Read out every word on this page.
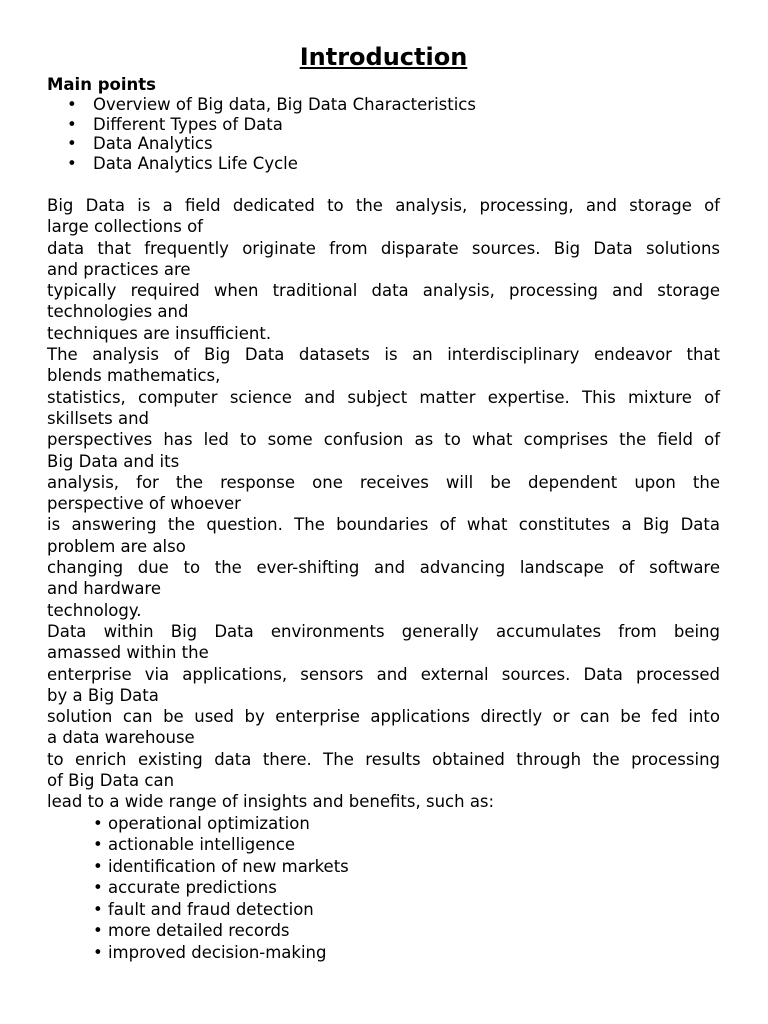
Introduction
Main points
• Overview of Big data, Big Data Characteristics
• Different Types of Data
• Data Analytics
• Data Analytics Life Cycle
Big Data is a field dedicated to the analysis, processing, and storage of
large collections of
data that frequently originate from disparate sources. Big Data solutions
and practices are
typically required when traditional data analysis, processing and storage
technologies and
techniques are insufficient.
The analysis of Big Data datasets is an interdisciplinary endeavor that
blends mathematics,
statistics, computer science and subject matter expertise. This mixture of
skillsets and
perspectives has led to some confusion as to what comprises the field of
Big Data and its
analysis, for the response one receives will be dependent upon the
perspective of whoever
is answering the question. The boundaries of what constitutes a Big Data
problem are also
changing due to the ever-shifting and advancing landscape of software
and hardware
technology.
Data within Big Data environments generally accumulates from being
amassed within the
enterprise via applications, sensors and external sources. Data processed
by a Big Data
solution can be used by enterprise applications directly or can be fed into
a data warehouse
to enrich existing data there. The results obtained through the processing
of Big Data can
lead to a wide range of insights and benefits, such as:
• operational optimization
• actionable intelligence
• identification of new markets
• accurate predictions
• fault and fraud detection
• more detailed records
• improved decision-making
